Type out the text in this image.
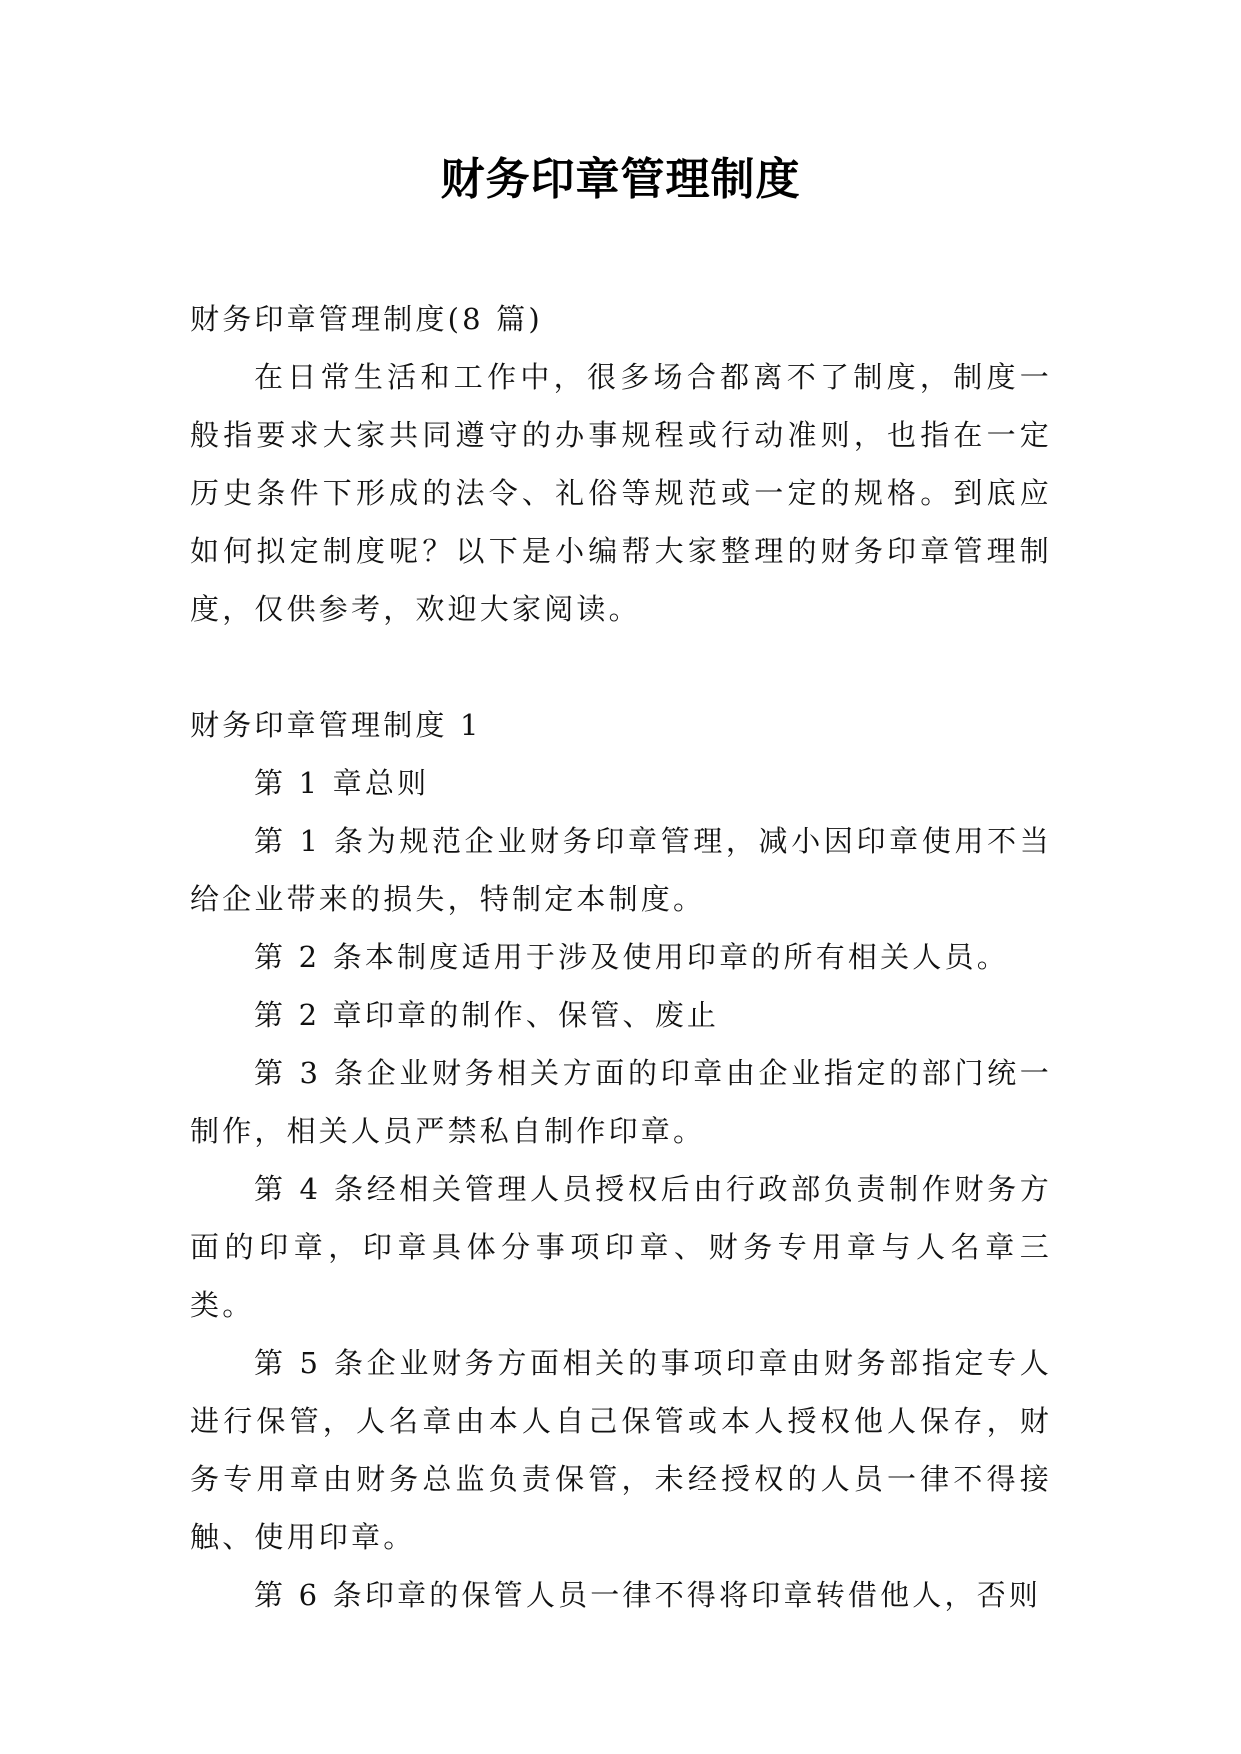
财务印章管理制度

财务印章管理制度(8 篇)

在日常生活和工作中，很多场合都离不了制度，制度一般指要求大家共同遵守的办事规程或行动准则，也指在一定历史条件下形成的法令、礼俗等规范或一定的规格。到底应如何拟定制度呢？以下是小编帮大家整理的财务印章管理制度，仅供参考，欢迎大家阅读。

财务印章管理制度 1

第 1 章总则

第 1 条为规范企业财务印章管理，减小因印章使用不当给企业带来的损失，特制定本制度。

第 2 条本制度适用于涉及使用印章的所有相关人员。

第 2 章印章的制作、保管、废止

第 3 条企业财务相关方面的印章由企业指定的部门统一制作，相关人员严禁私自制作印章。

第 4 条经相关管理人员授权后由行政部负责制作财务方面的印章，印章具体分事项印章、财务专用章与人名章三类。

第 5 条企业财务方面相关的事项印章由财务部指定专人进行保管，人名章由本人自己保管或本人授权他人保存，财务专用章由财务总监负责保管，未经授权的人员一律不得接触、使用印章。

第 6 条印章的保管人员一律不得将印章转借他人，否则
